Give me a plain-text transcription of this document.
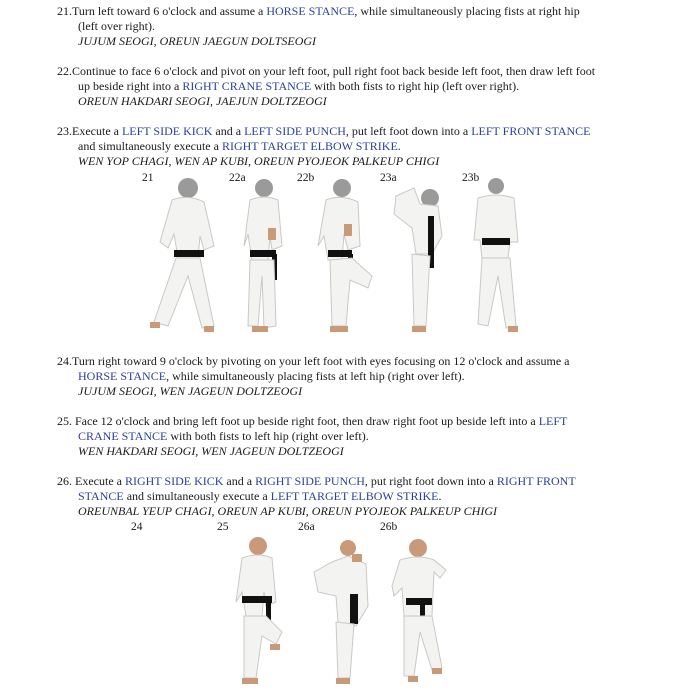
21.Turn left toward 6 o'clock and assume a HORSE STANCE, while simultaneously placing fists at right hip
(left over right).
JUJUM SEOGI, OREUN JAEGUN DOLTSEOGI
22.Continue to face 6 o'clock and pivot on your left foot, pull right foot back beside left foot, then draw left foot
up beside right into a RIGHT CRANE STANCE with both fists to right hip (left over right).
OREUN HAKDARI SEOGI, JAEJUN DOLTZEOGI
23.Execute a LEFT SIDE KICK and a LEFT SIDE PUNCH, put left foot down into a LEFT FRONT STANCE
and simultaneously execute a RIGHT TARGET ELBOW STRIKE.
WEN YOP CHAGI, WEN AP KUBI, OREUN PYOJEOK PALKEUP CHIGI
21	22a	22b	23a	23b
24.Turn right toward 9 o'clock by pivoting on your left foot with eyes focusing on 12 o'clock and assume a
HORSE STANCE, while simultaneously placing fists at left hip (right over left).
JUJUM SEOGI, WEN JAGEUN DOLTZEOGI
25. Face 12 o'clock and bring left foot up beside right foot, then draw right foot up beside left into a LEFT
CRANE STANCE with both fists to left hip (right over left).
WEN HAKDARI SEOGI, WEN JAGEUN DOLTZEOGI
26. Execute a RIGHT SIDE KICK and a RIGHT SIDE PUNCH, put right foot down into a RIGHT FRONT
STANCE and simultaneously execute a LEFT TARGET ELBOW STRIKE.
OREUNBAL YEUP CHAGI, OREUN AP KUBI, OREUN PYOJEOK PALKEUP CHIGI
24	25	26a	26b
